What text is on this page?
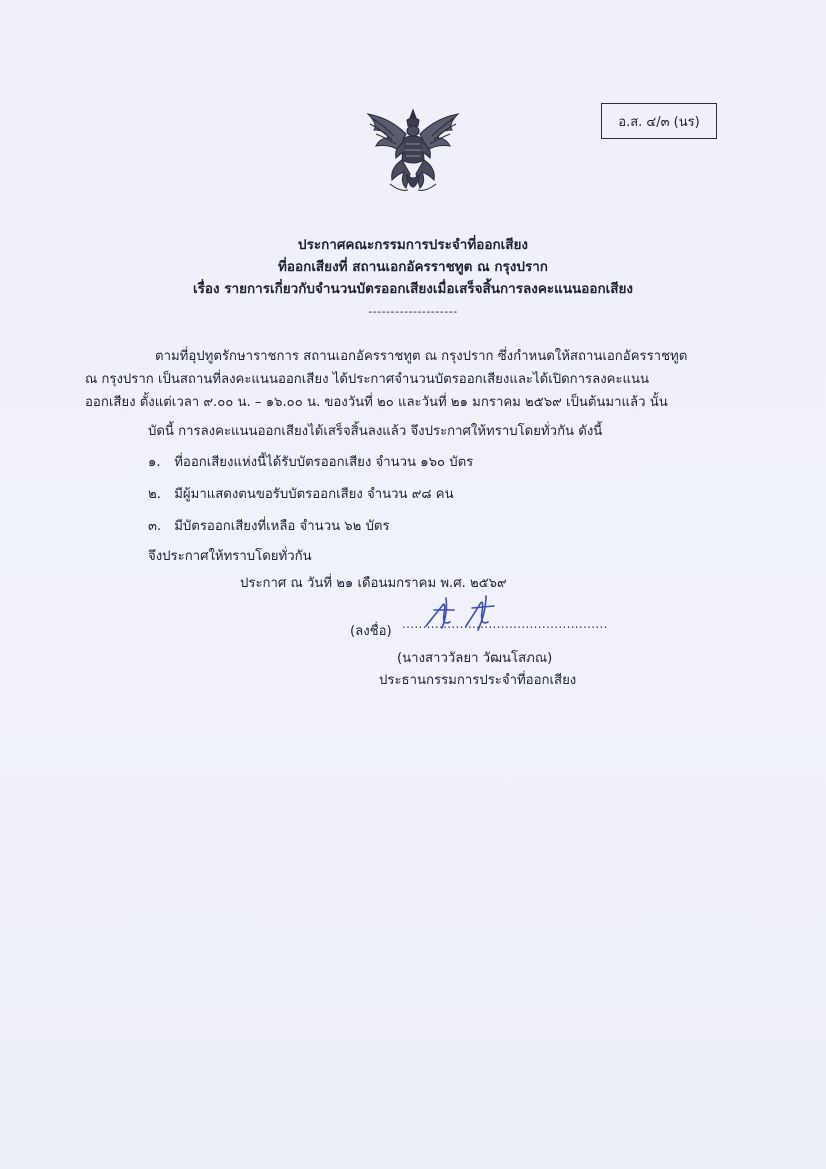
อ.ส. ๔/๓ (นร)
ประกาศคณะกรรมการประจำที่ออกเสียง
ที่ออกเสียงที่ สถานเอกอัครราชทูต ณ กรุงปราก
เรื่อง รายการเกี่ยวกับจำนวนบัตรออกเสียงเมื่อเสร็จสิ้นการลงคะแนนออกเสียง
--------------------
ตามที่อุปทูตรักษาราชการ สถานเอกอัครราชทูต ณ กรุงปราก ซึ่งกำหนดให้สถานเอกอัครราชทูต
ณ กรุงปราก เป็นสถานที่ลงคะแนนออกเสียง ได้ประกาศจำนวนบัตรออกเสียงและได้เปิดการลงคะแนน
ออกเสียง ตั้งแต่เวลา ๙.๐๐ น. – ๑๖.๐๐ น. ของวันที่ ๒๐ และวันที่ ๒๑ มกราคม ๒๕๖๙ เป็นต้นมาแล้ว นั้น
บัดนี้ การลงคะแนนออกเสียงได้เสร็จสิ้นลงแล้ว จึงประกาศให้ทราบโดยทั่วกัน ดังนี้
๑. ที่ออกเสียงแห่งนี้ได้รับบัตรออกเสียง จำนวน ๑๖๐ บัตร
๒. มีผู้มาแสดงตนขอรับบัตรออกเสียง จำนวน ๙๘ คน
๓. มีบัตรออกเสียงที่เหลือ จำนวน ๖๒ บัตร
จึงประกาศให้ทราบโดยทั่วกัน
ประกาศ ณ วันที่ ๒๑ เดือนมกราคม พ.ศ. ๒๕๖๙
(ลงชื่อ) ..................................................
(นางสาววัลยา วัฒนโสภณ)
ประธานกรรมการประจำที่ออกเสียง
